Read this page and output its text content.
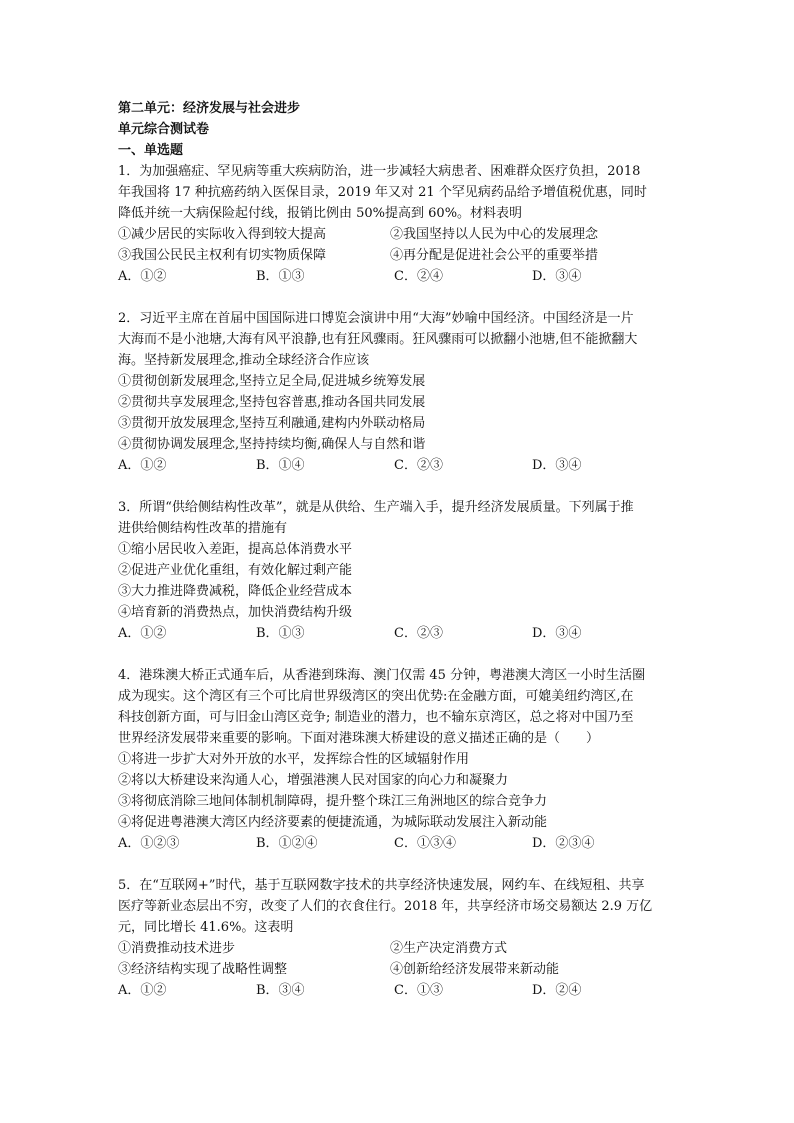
第二单元：经济发展与社会进步
单元综合测试卷
一、单选题
1．为加强癌症、罕见病等重大疾病防治，进一步减轻大病患者、困难群众医疗负担，2018
年我国将 17 种抗癌药纳入医保目录，2019 年又对 21 个罕见病药品给予增值税优惠，同时
降低并统一大病保险起付线，报销比例由 50%提高到 60%。材料表明
①减少居民的实际收入得到较大提高	②我国坚持以人民为中心的发展理念
③我国公民民主权利有切实物质保障	④再分配是促进社会公平的重要举措
A．①②	B．①③	C．②④	D．③④
2．习近平主席在首届中国国际进口博览会演讲中用“大海”妙喻中国经济。中国经济是一片
大海而不是小池塘,大海有风平浪静,也有狂风骤雨。狂风骤雨可以掀翻小池塘,但不能掀翻大
海。坚持新发展理念,推动全球经济合作应该
①贯彻创新发展理念,坚持立足全局,促进城乡统筹发展
②贯彻共享发展理念,坚持包容普惠,推动各国共同发展
③贯彻开放发展理念,坚持互利融通,建构内外联动格局
④贯彻协调发展理念,坚持持续均衡,确保人与自然和谐
A．①②	B．①④	C．②③	D．③④
3．所谓“供给侧结构性改革”，就是从供给、生产端入手，提升经济发展质量。下列属于推
进供给侧结构性改革的措施有
①缩小居民收入差距，提高总体消费水平
②促进产业优化重组，有效化解过剩产能
③大力推进降费减税，降低企业经营成本
④培育新的消费热点，加快消费结构升级
A．①②	B．①③	C．②③	D．③④
4．港珠澳大桥正式通车后，从香港到珠海、澳门仅需 45 分钟，粤港澳大湾区一小时生活圈
成为现实。这个湾区有三个可比肩世界级湾区的突出优势:在金融方面，可媲美纽约湾区,在
科技创新方面，可与旧金山湾区竞争; 制造业的潜力，也不输东京湾区，总之将对中国乃至
世界经济发展带来重要的影响。下面对港珠澳大桥建设的意义描述正确的是（　　）
①将进一步扩大对外开放的水平，发挥综合性的区域辐射作用
②将以大桥建设来沟通人心，增强港澳人民对国家的向心力和凝聚力
③将彻底消除三地间体制机制障碍，提升整个珠江三角洲地区的综合竞争力
④将促进粤港澳大湾区内经济要素的便捷流通，为城际联动发展注入新动能
A．①②③	B．①②④	C．①③④	D．②③④
5．在“互联网+”时代，基于互联网数字技术的共享经济快速发展，网约车、在线短租、共享
医疗等新业态层出不穷，改变了人们的衣食住行。2018 年，共享经济市场交易额达 2.9 万亿
元，同比增长 41.6%。这表明
①消费推动技术进步	②生产决定消费方式
③经济结构实现了战略性调整	④创新给经济发展带来新动能
A．①②	B．③④	C．①③	D．②④
